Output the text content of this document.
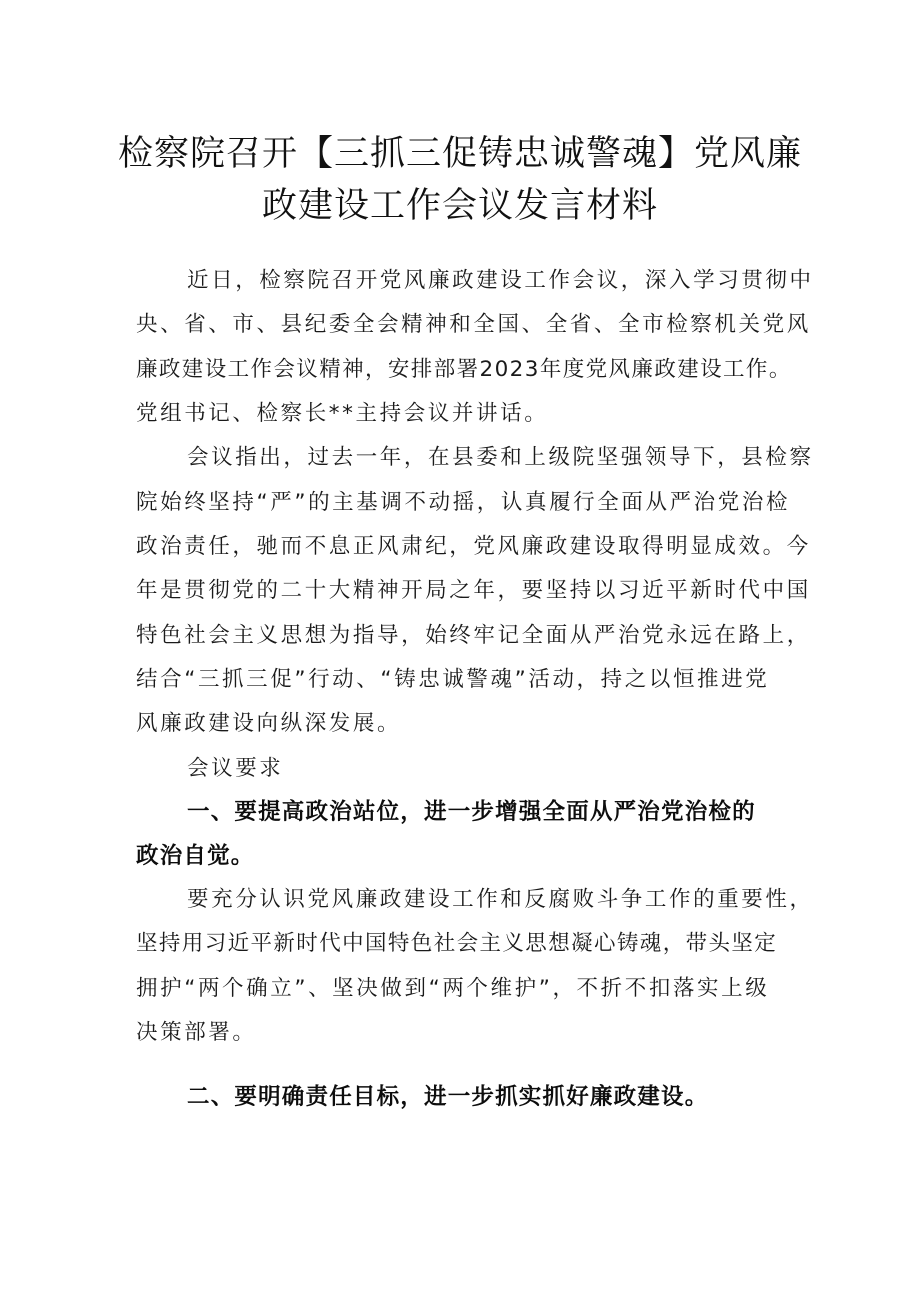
检察院召开【三抓三促铸忠诚警魂】党风廉
政建设工作会议发言材料
近日，检察院召开党风廉政建设工作会议，深入学习贯彻中
央、省、市、县纪委全会精神和全国、全省、全市检察机关党风
廉政建设工作会议精神，安排部署2023年度党风廉政建设工作。
党组书记、检察长**主持会议并讲话。
会议指出，过去一年，在县委和上级院坚强领导下，县检察
院始终坚持“严”的主基调不动摇，认真履行全面从严治党治检
政治责任，驰而不息正风肃纪，党风廉政建设取得明显成效。今
年是贯彻党的二十大精神开局之年，要坚持以习近平新时代中国
特色社会主义思想为指导，始终牢记全面从严治党永远在路上，
结合“三抓三促”行动、“铸忠诚警魂”活动，持之以恒推进党
风廉政建设向纵深发展。
会议要求
一、要提高政治站位，进一步增强全面从严治党治检的
政治自觉。
要充分认识党风廉政建设工作和反腐败斗争工作的重要性，
坚持用习近平新时代中国特色社会主义思想凝心铸魂，带头坚定
拥护“两个确立”、坚决做到“两个维护”，不折不扣落实上级
决策部署。
二、要明确责任目标，进一步抓实抓好廉政建设。
